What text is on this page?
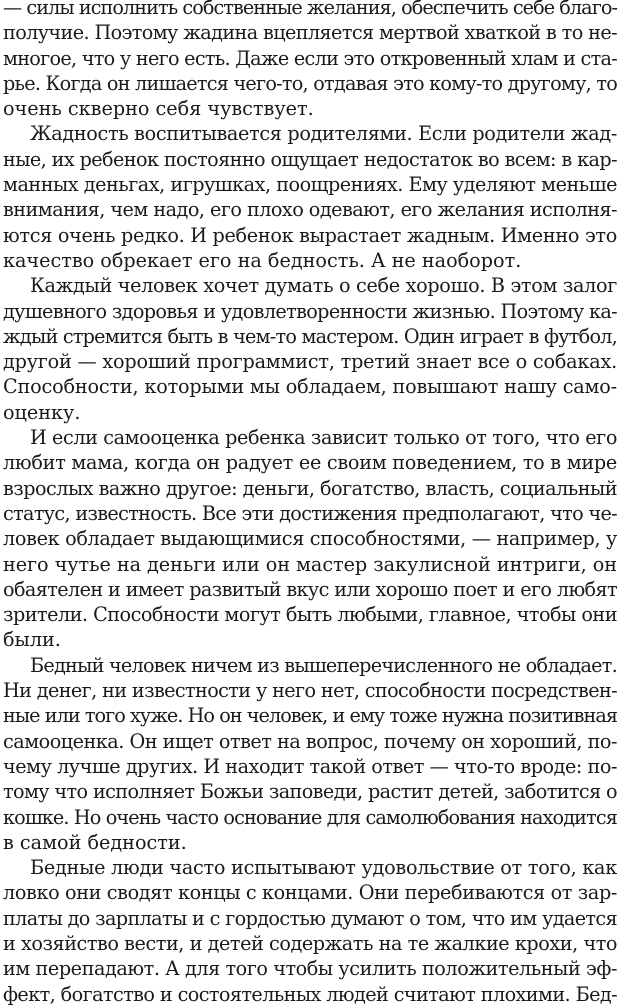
— силы исполнить собственные желания, обеспечить себе благо-
получие. Поэтому жадина вцепляется мертвой хваткой в то не-
многое, что у него есть. Даже если это откровенный хлам и ста-
рье. Когда он лишается чего-то, отдавая это кому-то другому, то
очень скверно себя чувствует.
Жадность воспитывается родителями. Если родители жад-
ные, их ребенок постоянно ощущает недостаток во всем: в кар-
манных деньгах, игрушках, поощрениях. Ему уделяют меньше
внимания, чем надо, его плохо одевают, его желания исполня-
ются очень редко. И ребенок вырастает жадным. Именно это
качество обрекает его на бедность. А не наоборот.
Каждый человек хочет думать о себе хорошо. В этом залог
душевного здоровья и удовлетворенности жизнью. Поэтому ка-
ждый стремится быть в чем-то мастером. Один играет в футбол,
другой — хороший программист, третий знает все о собаках.
Способности, которыми мы обладаем, повышают нашу само-
оценку.
И если самооценка ребенка зависит только от того, что его
любит мама, когда он радует ее своим поведением, то в мире
взрослых важно другое: деньги, богатство, власть, социальный
статус, известность. Все эти достижения предполагают, что че-
ловек обладает выдающимися способностями, — например, у
него чутье на деньги или он мастер закулисной интриги, он
обаятелен и имеет развитый вкус или хорошо поет и его любят
зрители. Способности могут быть любыми, главное, чтобы они
были.
Бедный человек ничем из вышеперечисленного не обладает.
Ни денег, ни известности у него нет, способности посредствен-
ные или того хуже. Но он человек, и ему тоже нужна позитивная
самооценка. Он ищет ответ на вопрос, почему он хороший, по-
чему лучше других. И находит такой ответ — что-то вроде: по-
тому что исполняет Божьи заповеди, растит детей, заботится о
кошке. Но очень часто основание для самолюбования находится
в самой бедности.
Бедные люди часто испытывают удовольствие от того, как
ловко они сводят концы с концами. Они перебиваются от зар-
платы до зарплаты и с гордостью думают о том, что им удается
и хозяйство вести, и детей содержать на те жалкие крохи, что
им перепадают. А для того чтобы усилить положительный эф-
фект, богатство и состоятельных людей считают плохими. Бед-
